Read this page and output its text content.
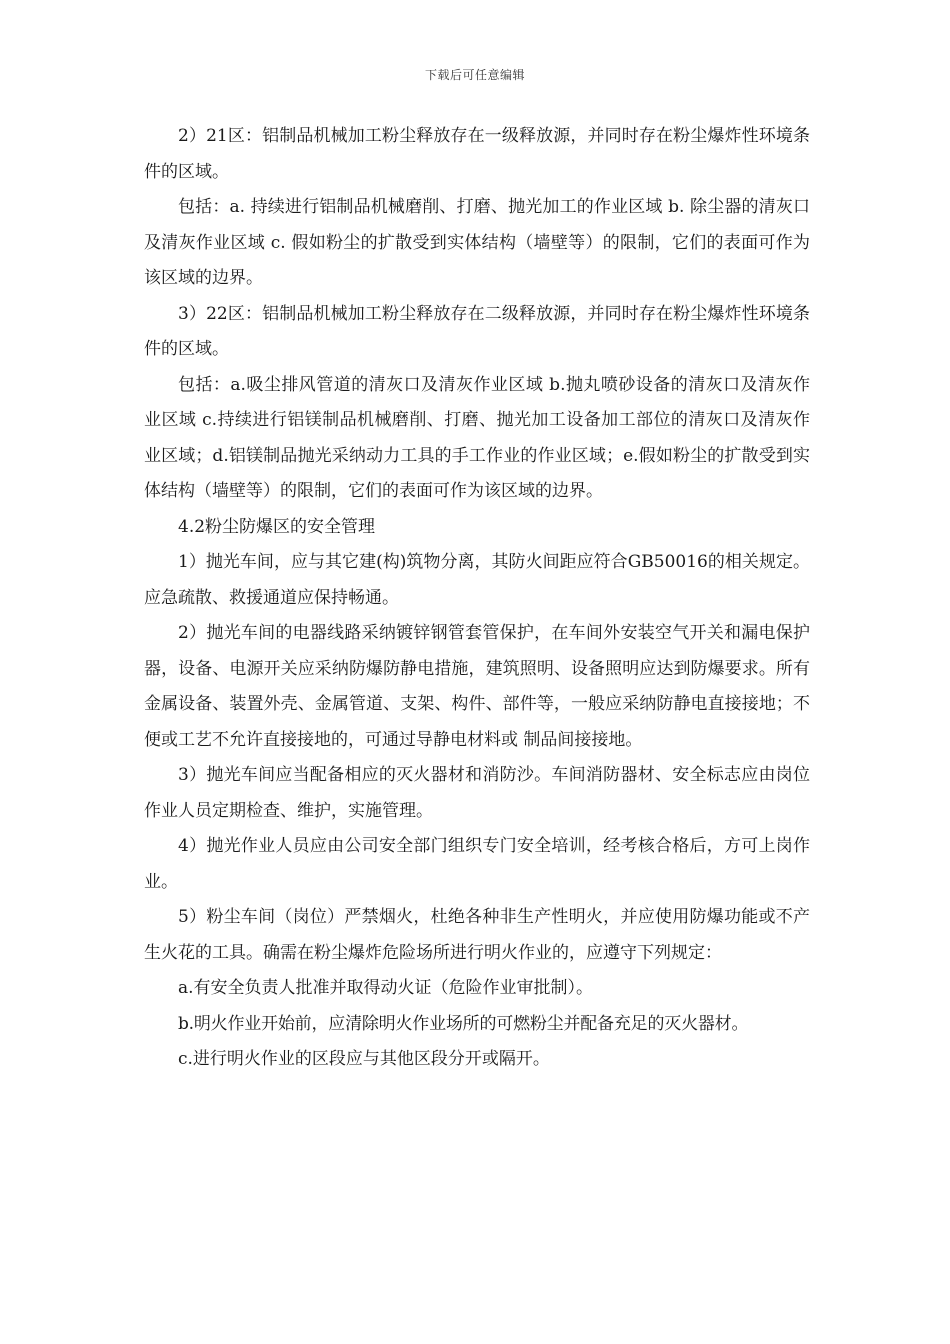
下载后可任意编辑

2）21区：铝制品机械加工粉尘释放存在一级释放源，并同时存在粉尘爆炸性环境条件的区域。

包括：a. 持续进行铝制品机械磨削、打磨、抛光加工的作业区域 b. 除尘器的清灰口及清灰作业区域 c. 假如粉尘的扩散受到实体结构（墙壁等）的限制，它们的表面可作为该区域的边界。

3）22区：铝制品机械加工粉尘释放存在二级释放源，并同时存在粉尘爆炸性环境条件的区域。

包括：a.吸尘排风管道的清灰口及清灰作业区域 b.抛丸喷砂设备的清灰口及清灰作业区域 c.持续进行铝镁制品机械磨削、打磨、抛光加工设备加工部位的清灰口及清灰作业区域；d.铝镁制品抛光采纳动力工具的手工作业的作业区域；e.假如粉尘的扩散受到实体结构（墙壁等）的限制，它们的表面可作为该区域的边界。

4.2粉尘防爆区的安全管理

1）抛光车间，应与其它建(构)筑物分离，其防火间距应符合GB50016的相关规定。应急疏散、救援通道应保持畅通。

2）抛光车间的电器线路采纳镀锌钢管套管保护，在车间外安装空气开关和漏电保护器，设备、电源开关应采纳防爆防静电措施，建筑照明、设备照明应达到防爆要求。所有金属设备、装置外壳、金属管道、支架、构件、部件等，一般应采纳防静电直接接地；不便或工艺不允许直接接地的，可通过导静电材料或 制品间接接地。

3）抛光车间应当配备相应的灭火器材和消防沙。车间消防器材、安全标志应由岗位作业人员定期检查、维护，实施管理。

4）抛光作业人员应由公司安全部门组织专门安全培训，经考核合格后，方可上岗作业。

5）粉尘车间（岗位）严禁烟火，杜绝各种非生产性明火，并应使用防爆功能或不产生火花的工具。确需在粉尘爆炸危险场所进行明火作业的，应遵守下列规定：

a.有安全负责人批准并取得动火证（危险作业审批制）。

b.明火作业开始前，应清除明火作业场所的可燃粉尘并配备充足的灭火器材。

c.进行明火作业的区段应与其他区段分开或隔开。
